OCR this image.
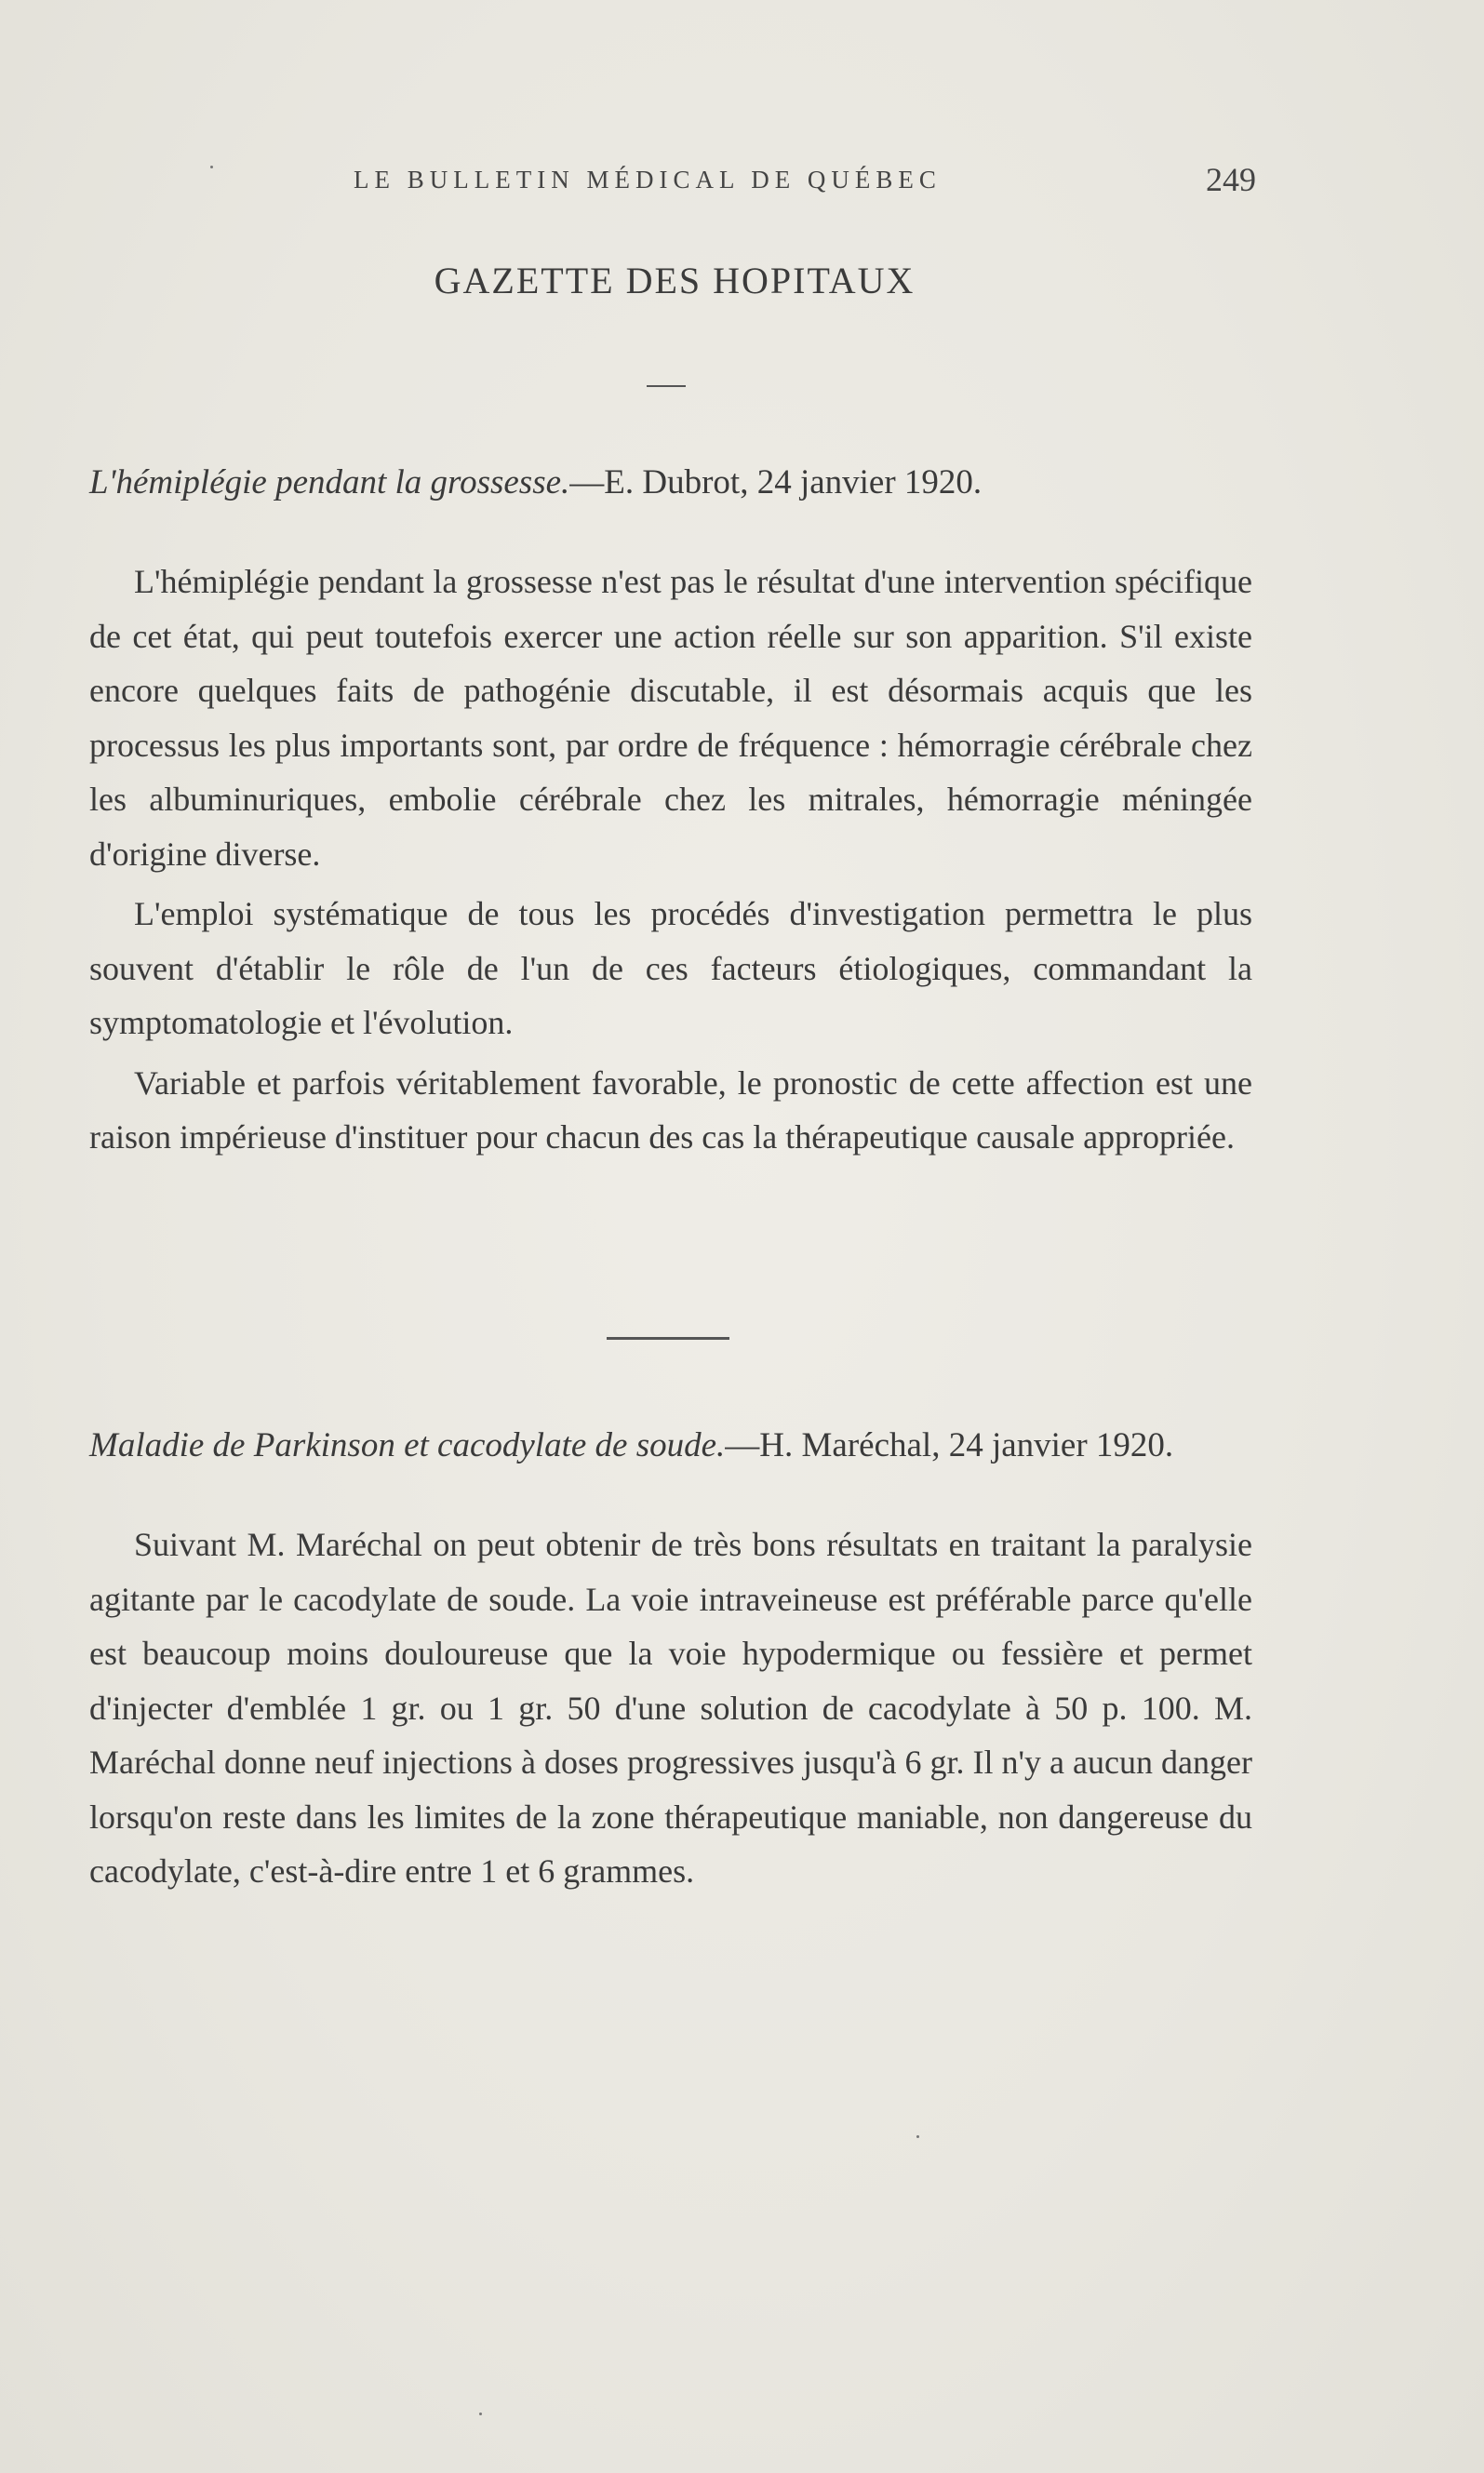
LE BULLETIN MÉDICAL DE QUÉBEC	249
GAZETTE DES HOPITAUX

L'hémiplégie pendant la grossesse.—E. Dubrot, 24 janvier 1920.

L'hémiplégie pendant la grossesse n'est pas le résultat d'une intervention spécifique de cet état, qui peut toutefois exercer une action réelle sur son apparition. S'il existe encore quelques faits de pathogénie discutable, il est désormais acquis que les processus les plus importants sont, par ordre de fréquence : hémorragie cérébrale chez les albuminuriques, embolie cérébrale chez les mitrales, hémorragie méningée d'origine diverse.

L'emploi systématique de tous les procédés d'investigation permettra le plus souvent d'établir le rôle de l'un de ces facteurs étiologiques, commandant la symptomatologie et l'évolution.

Variable et parfois véritablement favorable, le pronostic de cette affection est une raison impérieuse d'instituer pour chacun des cas la thérapeutique causale appropriée.

Maladie de Parkinson et cacodylate de soude.—H. Maréchal, 24 janvier 1920.

Suivant M. Maréchal on peut obtenir de très bons résultats en traitant la paralysie agitante par le cacodylate de soude. La voie intraveineuse est préférable parce qu'elle est beaucoup moins douloureuse que la voie hypodermique ou fessière et permet d'injecter d'emblée 1 gr. ou 1 gr. 50 d'une solution de cacodylate à 50 p. 100. M. Maréchal donne neuf injections à doses progressives jusqu'à 6 gr. Il n'y a aucun danger lorsqu'on reste dans les limites de la zone thérapeutique maniable, non dangereuse du cacodylate, c'est-à-dire entre 1 et 6 grammes.
